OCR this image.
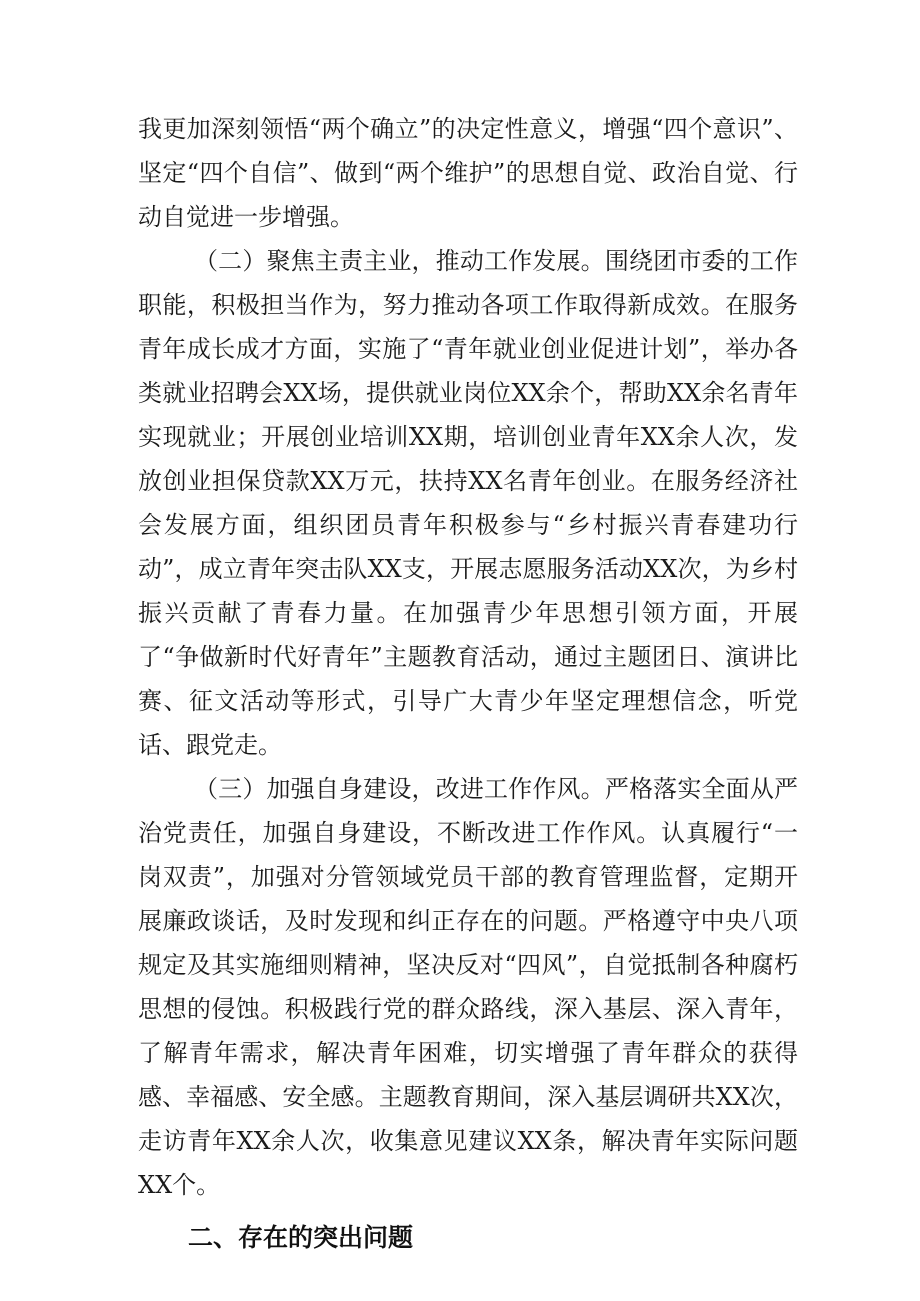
我更加深刻领悟“两个确立”的决定性意义，增强“四个意识”、坚定“四个自信”、做到“两个维护”的思想自觉、政治自觉、行动自觉进一步增强。

（二）聚焦主责主业，推动工作发展。围绕团市委的工作职能，积极担当作为，努力推动各项工作取得新成效。在服务青年成长成才方面，实施了“青年就业创业促进计划”，举办各类就业招聘会XX场，提供就业岗位XX余个，帮助XX余名青年实现就业；开展创业培训XX期，培训创业青年XX余人次，发放创业担保贷款XX万元，扶持XX名青年创业。在服务经济社会发展方面，组织团员青年积极参与“乡村振兴青春建功行动”，成立青年突击队XX支，开展志愿服务活动XX次，为乡村振兴贡献了青春力量。在加强青少年思想引领方面，开展了“争做新时代好青年”主题教育活动，通过主题团日、演讲比赛、征文活动等形式，引导广大青少年坚定理想信念，听党话、跟党走。

（三）加强自身建设，改进工作作风。严格落实全面从严治党责任，加强自身建设，不断改进工作作风。认真履行“一岗双责”，加强对分管领域党员干部的教育管理监督，定期开展廉政谈话，及时发现和纠正存在的问题。严格遵守中央八项规定及其实施细则精神，坚决反对“四风”，自觉抵制各种腐朽思想的侵蚀。积极践行党的群众路线，深入基层、深入青年，了解青年需求，解决青年困难，切实增强了青年群众的获得感、幸福感、安全感。主题教育期间，深入基层调研共XX次，走访青年XX余人次，收集意见建议XX条，解决青年实际问题XX个。

二、存在的突出问题
